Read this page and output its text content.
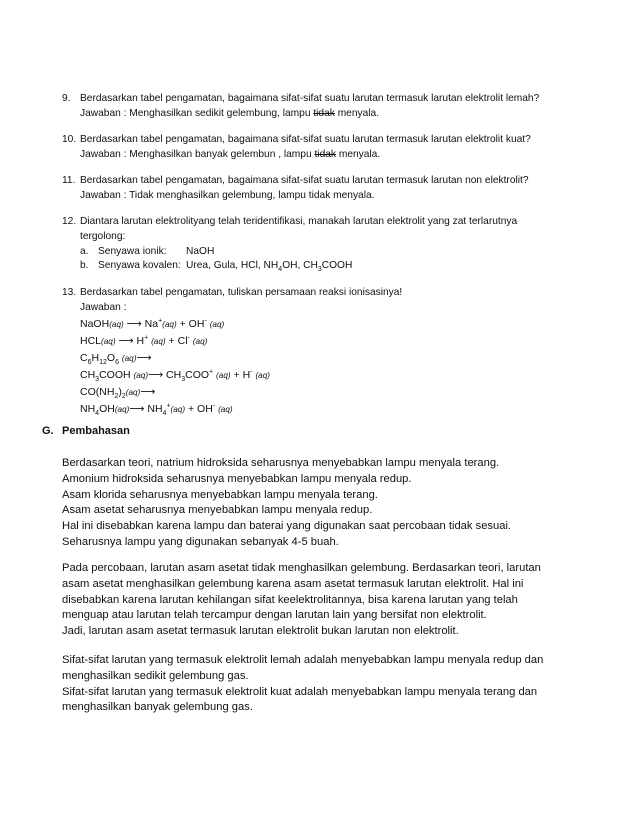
9. Berdasarkan tabel pengamatan, bagaimana sifat-sifat suatu larutan termasuk larutan elektrolit lemah?
Jawaban : Menghasilkan sedikit gelembung, lampu tidak menyala.
10. Berdasarkan tabel pengamatan, bagaimana sifat-sifat suatu larutan termasuk larutan elektrolit kuat?
Jawaban : Menghasilkan banyak gelembun , lampu tidak menyala.
11. Berdasarkan tabel pengamatan, bagaimana sifat-sifat suatu larutan termasuk larutan non elektrolit?
Jawaban : Tidak menghasilkan gelembung, lampu tidak menyala.
12. Diantara larutan elektrolityang telah teridentifikasi, manakah larutan elektrolit yang zat terlarutnya
tergolong:
a. Senyawa ionik: NaOH
b. Senyawa kovalen: Urea, Gula, HCl, $NH_4OH$, $CH_3COOH$
13. Berdasarkan tabel pengamatan, tuliskan persamaan reaksi ionisasinya!
Jawaban :
NaOH(aq) ⟶ Na+(aq) + OH- (aq)
HCL(aq) ⟶ H+ (aq) + Cl- (aq)
$C_6H_{12}O_6$ (aq)⟶
$CH_3COOH$ (aq)⟶ $CH_3COO^+$ (aq) + H- (aq)
$CO(NH_2)_2(aq)⟶$
$NH_4OH(aq)⟶$ $NH_4^+(aq) + OH^-$ (aq)
G. Pembahasan
Berdasarkan teori, natrium hidroksida seharusnya menyebabkan lampu menyala terang.
Amonium hidroksida seharusnya menyebabkan lampu menyala redup.
Asam klorida seharusnya menyebabkan lampu menyala terang.
Asam asetat seharusnya menyebabkan lampu menyala redup.
Hal ini disebabkan karena lampu dan baterai yang digunakan saat percobaan tidak sesuai.
Seharusnya lampu yang digunakan sebanyak 4-5 buah.
Pada percobaan, larutan asam asetat tidak menghasilkan gelembung. Berdasarkan teori, larutan
asam asetat menghasilkan gelembung karena asam asetat termasuk larutan elektrolit. Hal ini
disebabkan karena larutan kehilangan sifat keelektrolitannya, bisa karena larutan yang telah
menguap atau larutan telah tercampur dengan larutan lain yang bersifat non elektrolit.
Jadi, larutan asam asetat termasuk larutan elektrolit bukan larutan non elektrolit.
Sifat-sifat larutan yang termasuk elektrolit lemah adalah menyebabkan lampu menyala redup dan
menghasilkan sedikit gelembung gas.
Sifat-sifat larutan yang termasuk elektrolit kuat adalah menyebabkan lampu menyala terang dan
menghasilkan banyak gelembung gas.
